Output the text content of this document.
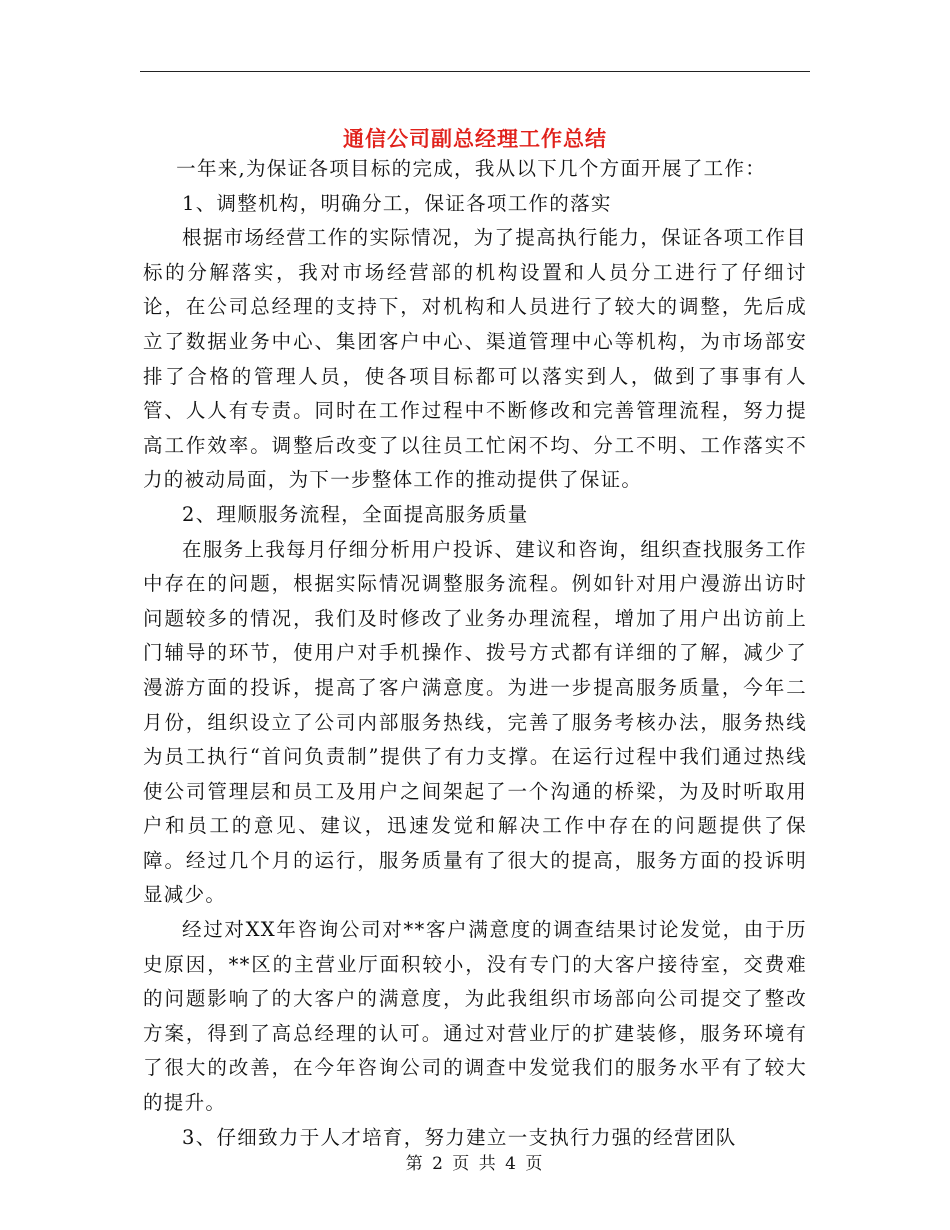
通信公司副总经理工作总结

一年来,为保证各项目标的完成，我从以下几个方面开展了工作：

1、调整机构，明确分工，保证各项工作的落实

根据市场经营工作的实际情况，为了提高执行能力，保证各项工作目标的分解落实，我对市场经营部的机构设置和人员分工进行了仔细讨论，在公司总经理的支持下，对机构和人员进行了较大的调整，先后成立了数据业务中心、集团客户中心、渠道管理中心等机构，为市场部安排了合格的管理人员，使各项目标都可以落实到人，做到了事事有人管、人人有专责。同时在工作过程中不断修改和完善管理流程，努力提高工作效率。调整后改变了以往员工忙闲不均、分工不明、工作落实不力的被动局面，为下一步整体工作的推动提供了保证。

2、理顺服务流程，全面提高服务质量

在服务上我每月仔细分析用户投诉、建议和咨询，组织查找服务工作中存在的问题，根据实际情况调整服务流程。例如针对用户漫游出访时问题较多的情况，我们及时修改了业务办理流程，增加了用户出访前上门辅导的环节，使用户对手机操作、拨号方式都有详细的了解，减少了漫游方面的投诉，提高了客户满意度。为进一步提高服务质量，今年二月份，组织设立了公司内部服务热线，完善了服务考核办法，服务热线为员工执行“首问负责制”提供了有力支撑。在运行过程中我们通过热线使公司管理层和员工及用户之间架起了一个沟通的桥梁，为及时听取用户和员工的意见、建议，迅速发觉和解决工作中存在的问题提供了保障。经过几个月的运行，服务质量有了很大的提高，服务方面的投诉明显减少。

经过对XX年咨询公司对**客户满意度的调查结果讨论发觉，由于历史原因，**区的主营业厅面积较小，没有专门的大客户接待室，交费难的问题影响了的大客户的满意度，为此我组织市场部向公司提交了整改方案，得到了高总经理的认可。通过对营业厅的扩建装修，服务环境有了很大的改善，在今年咨询公司的调查中发觉我们的服务水平有了较大的提升。

3、仔细致力于人才培育，努力建立一支执行力强的经营团队

第 2 页 共 4 页
